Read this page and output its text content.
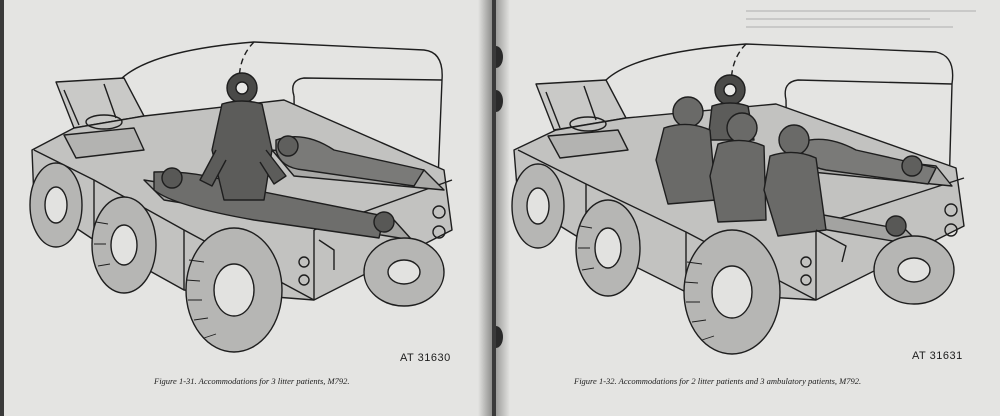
AT 31630
Figure 1-31. Accommodations for 3 litter patients, M792.
AT 31631
Figure 1-32. Accommodations for 2 litter patients and 3 ambulatory patients, M792.
